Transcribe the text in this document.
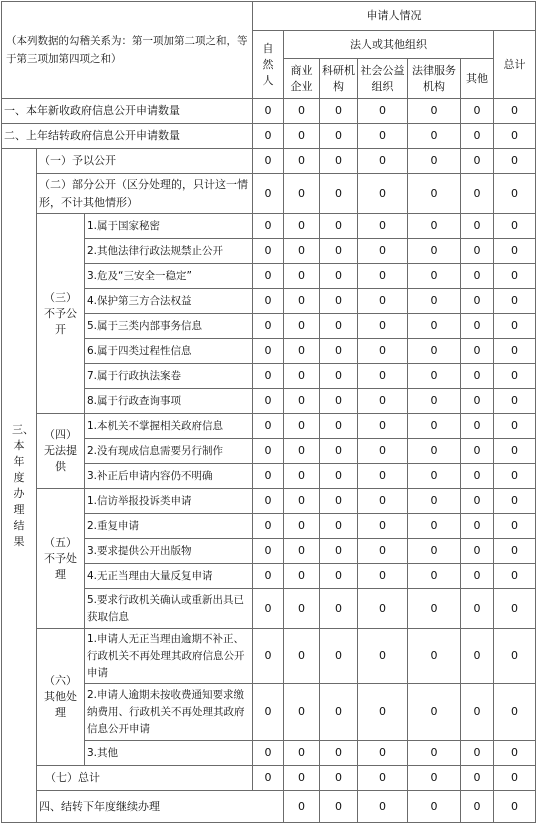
（本列数据的勾稽关系为：第一项加第二项之和，等于第三项加第四项之和）			申请人情况							
			自然人	法人或其他组织					总计	
				商业企业	科研机构	社会公益组织	法律服务机构	其他		
一、本年新收政府信息公开申请数量			0	0	0	0	0	0	0	
二、上年结转政府信息公开申请数量			0	0	0	0	0	0	0	
三、本年度办理结果	（一）予以公开		0	0	0	0	0	0	0	
	（二）部分公开（区分处理的，只计这一情形，不计其他情形）		0	0	0	0	0	0	0	
	（三）不予公开	1.属于国家秘密	0	0	0	0	0	0	0	
		2.其他法律行政法规禁止公开	0	0	0	0	0	0	0	
		3.危及“三安全一稳定”	0	0	0	0	0	0	0	
		4.保护第三方合法权益	0	0	0	0	0	0	0	
		5.属于三类内部事务信息	0	0	0	0	0	0	0	
		6.属于四类过程性信息	0	0	0	0	0	0	0	
		7.属于行政执法案卷	0	0	0	0	0	0	0	
		8.属于行政查询事项	0	0	0	0	0	0	0	
	（四）无法提供	1.本机关不掌握相关政府信息	0	0	0	0	0	0	0	
		2.没有现成信息需要另行制作	0	0	0	0	0	0	0	
		3.补正后申请内容仍不明确	0	0	0	0	0	0	0	
	（五）不予处理	1.信访举报投诉类申请	0	0	0	0	0	0	0	
		2.重复申请	0	0	0	0	0	0	0	
		3.要求提供公开出版物	0	0	0	0	0	0	0	
		4.无正当理由大量反复申请	0	0	0	0	0	0	0	
		5.要求行政机关确认或重新出具已获取信息	0	0	0	0	0	0	0	
	（六）其他处理	1.申请人无正当理由逾期不补正、行政机关不再处理其政府信息公开申请	0	0	0	0	0	0	0	
		2.申请人逾期未按收费通知要求缴纳费用、行政机关不再处理其政府信息公开申请	0	0	0	0	0	0	0	
		3.其他	0	0	0	0	0	0	0	
	（七）总计		0	0	0	0	0	0	0	
	四、结转下年度继续办理			0	0	0	0	0	0	
